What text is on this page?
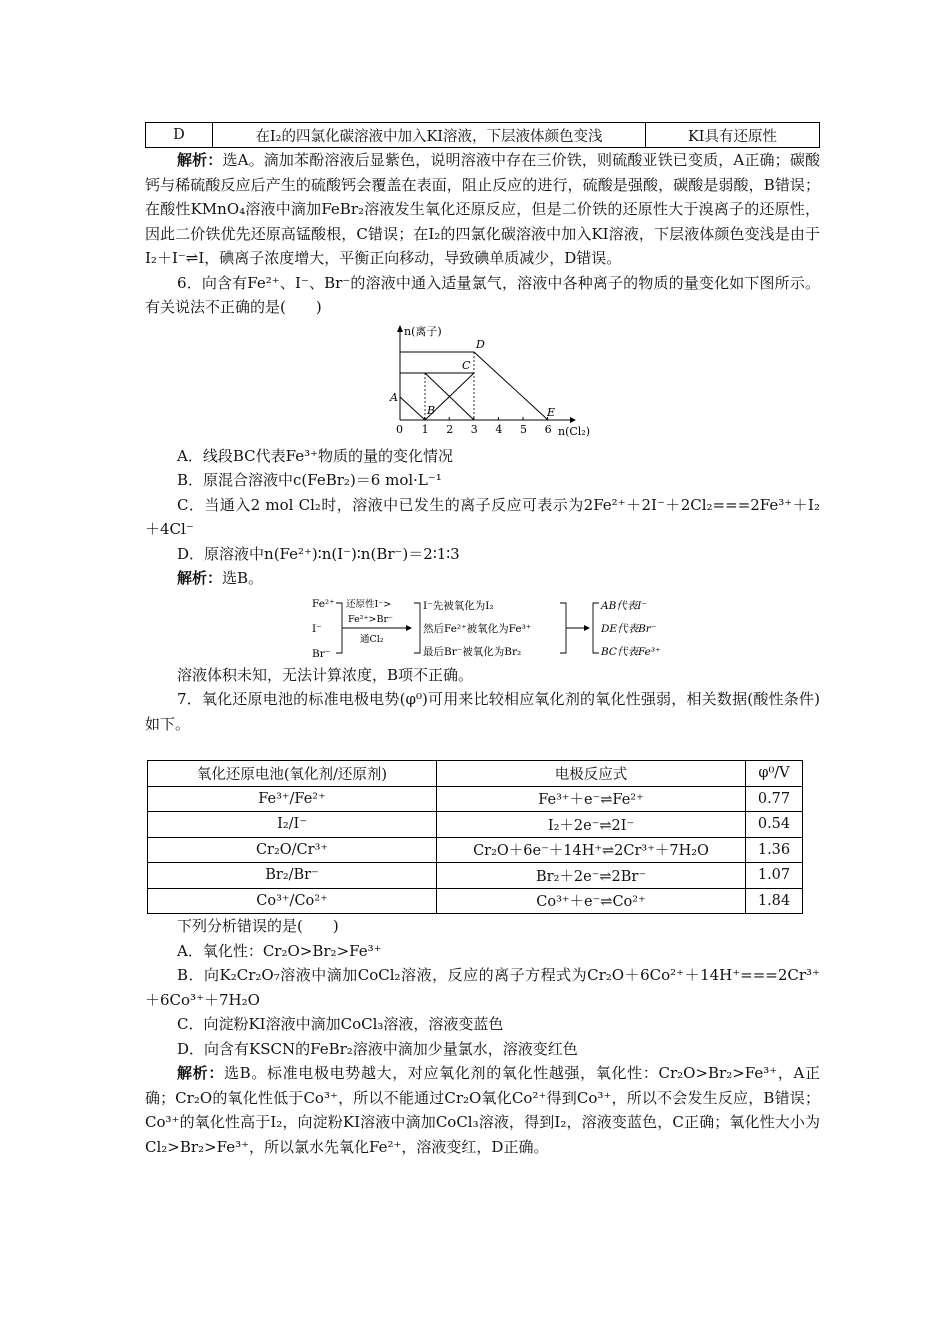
D	在I₂的四氯化碳溶液中加入KI溶液，下层液体颜色变浅	KI具有还原性

解析：选A。滴加苯酚溶液后显紫色，说明溶液中存在三价铁，则硫酸亚铁已变质，A正确；碳酸钙与稀硫酸反应后产生的硫酸钙会覆盖在表面，阻止反应的进行，硫酸是强酸，碳酸是弱酸，B错误；在酸性KMnO₄溶液中滴加FeBr₂溶液发生氧化还原反应，但是二价铁的还原性大于溴离子的还原性，因此二价铁优先还原高锰酸根，C错误；在I₂的四氯化碳溶液中加入KI溶液，下层液体颜色变浅是由于I₂＋I⁻⇌I，碘离子浓度增大，平衡正向移动，导致碘单质减少，D错误。

6．向含有Fe²⁺、I⁻、Br⁻的溶液中通入适量氯气，溶液中各种离子的物质的量变化如下图所示。有关说法不正确的是(　　)

n(离子)
n(Cl₂)
0 1 2 3 4 5 6
A
B
C
D
E

A．线段BC代表Fe³⁺物质的量的变化情况

B．原混合溶液中c(FeBr₂)＝6 mol·L⁻¹

C．当通入2 mol Cl₂时，溶液中已发生的离子反应可表示为2Fe²⁺＋2I⁻＋2Cl₂===2Fe³⁺＋I₂＋4Cl⁻

D．原溶液中n(Fe²⁺)∶n(I⁻)∶n(Br⁻)＝2∶1∶3

解析：选B。

Fe²⁺
I⁻
Br⁻
还原性I⁻>
Fe²⁺>Br⁻
通Cl₂
I⁻先被氧化为I₂
然后Fe²⁺被氧化为Fe³⁺
最后Br⁻被氧化为Br₂
AB代表I⁻
DE代表Br⁻
BC代表Fe³⁺

溶液体积未知，无法计算浓度，B项不正确。

7．氧化还原电池的标准电极电势(φ⁰)可用来比较相应氧化剂的氧化性强弱，相关数据(酸性条件)如下。

氧化还原电池(氧化剂/还原剂)	电极反应式	φ⁰/V
Fe³⁺/Fe²⁺	Fe³⁺＋e⁻⇌Fe²⁺	0.77
I₂/I⁻	I₂＋2e⁻⇌2I⁻	0.54
Cr₂O/Cr³⁺	Cr₂O＋6e⁻＋14H⁺⇌2Cr³⁺＋7H₂O	1.36
Br₂/Br⁻	Br₂＋2e⁻⇌2Br⁻	1.07
Co³⁺/Co²⁺	Co³⁺＋e⁻⇌Co²⁺	1.84

下列分析错误的是(　　)

A．氧化性：Cr₂O>Br₂>Fe³⁺

B．向K₂Cr₂O₇溶液中滴加CoCl₂溶液，反应的离子方程式为Cr₂O＋6Co²⁺＋14H⁺===2Cr³⁺＋6Co³⁺＋7H₂O

C．向淀粉KI溶液中滴加CoCl₃溶液，溶液变蓝色

D．向含有KSCN的FeBr₂溶液中滴加少量氯水，溶液变红色

解析：选B。标准电极电势越大，对应氧化剂的氧化性越强，氧化性：Cr₂O>Br₂>Fe³⁺，A正确；Cr₂O的氧化性低于Co³⁺，所以不能通过Cr₂O氧化Co²⁺得到Co³⁺，所以不会发生反应，B错误；Co³⁺的氧化性高于I₂，向淀粉KI溶液中滴加CoCl₃溶液，得到I₂，溶液变蓝色，C正确；氧化性大小为Cl₂>Br₂>Fe³⁺，所以氯水先氧化Fe²⁺，溶液变红，D正确。
